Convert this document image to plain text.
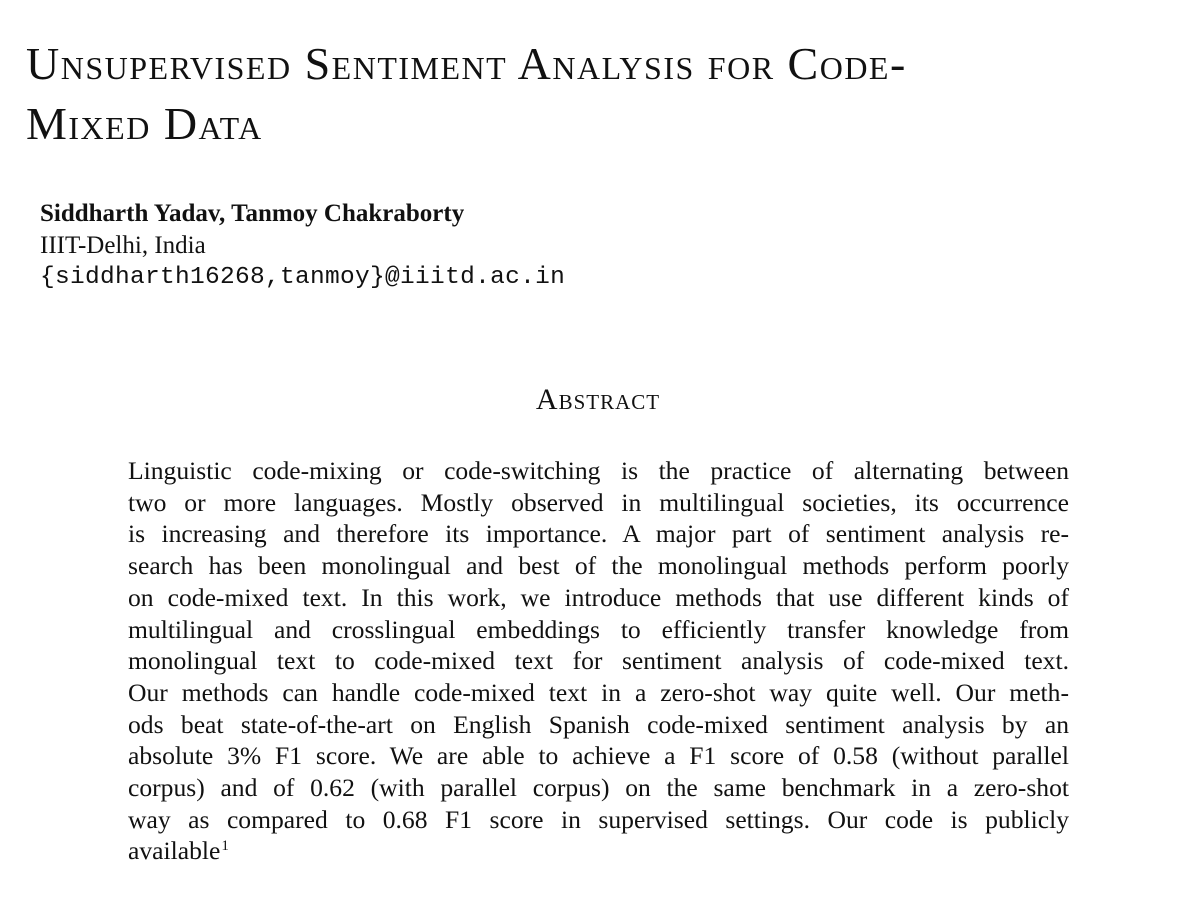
Unsupervised Sentiment Analysis for Code-
Mixed Data
Siddharth Yadav, Tanmoy Chakraborty
IIIT-Delhi, India
{siddharth16268,tanmoy}@iiitd.ac.in
Abstract
Linguistic code-mixing or code-switching is the practice of alternating between
two or more languages. Mostly observed in multilingual societies, its occurrence
is increasing and therefore its importance. A major part of sentiment analysis re-
search has been monolingual and best of the monolingual methods perform poorly
on code-mixed text. In this work, we introduce methods that use different kinds of
multilingual and crosslingual embeddings to efficiently transfer knowledge from
monolingual text to code-mixed text for sentiment analysis of code-mixed text.
Our methods can handle code-mixed text in a zero-shot way quite well. Our meth-
ods beat state-of-the-art on English Spanish code-mixed sentiment analysis by an
absolute 3% F1 score. We are able to achieve a F1 score of 0.58 (without parallel
corpus) and of 0.62 (with parallel corpus) on the same benchmark in a zero-shot
way as compared to 0.68 F1 score in supervised settings. Our code is publicly
available$^1$
